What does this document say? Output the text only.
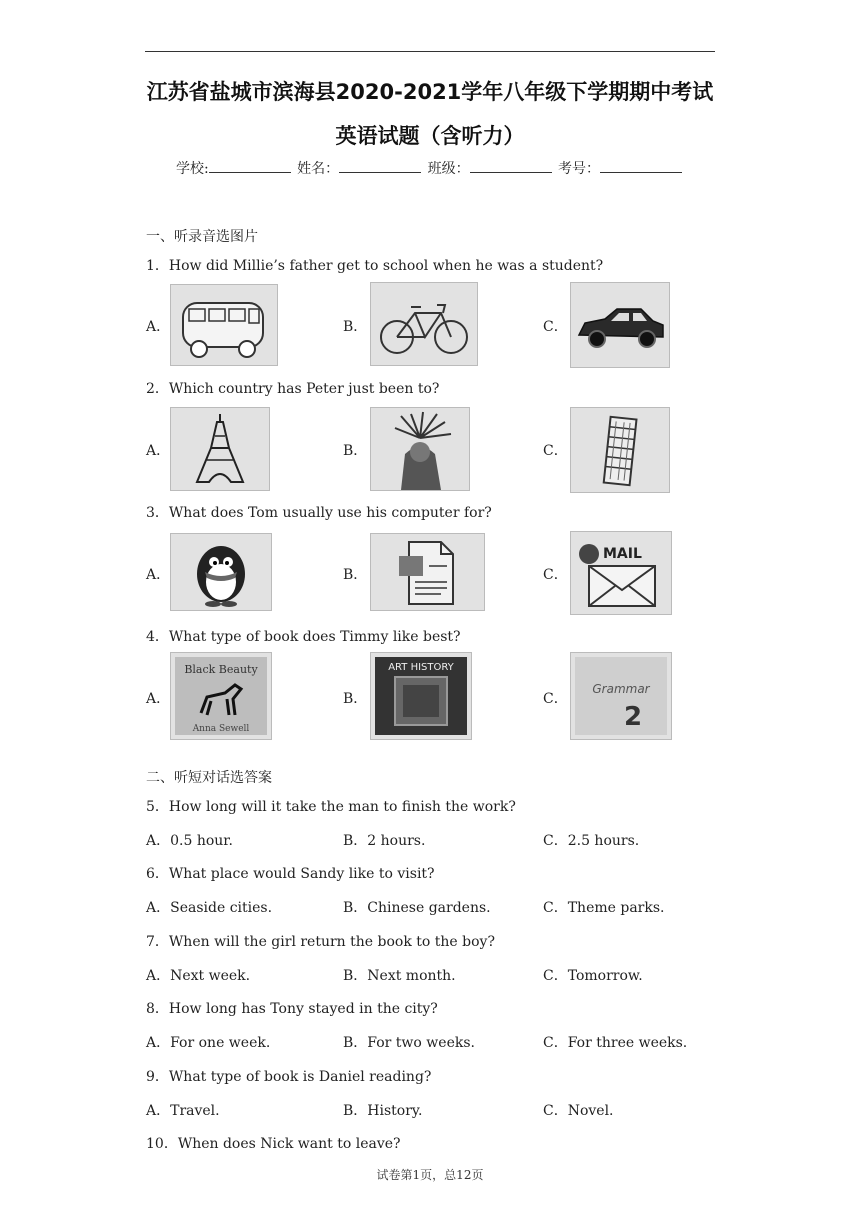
江苏省盐城市滨海县2020-2021学年八年级下学期期中考试
英语试题（含听力）
学校:	姓名：	班级：	考号：
一、听录音选图片
1．How did Millie’s father get to school when he was a student?
A．	B．	C．
2．Which country has Peter just been to?
A．	B．	C．
3．What does Tom usually use his computer for?
A．	B．	C．
MAIL
4．What type of book does Timmy like best?
A．
Black Beauty
Anna Sewell
B．
ART HISTORY
C．
Grammar
2
二、听短对话选答案
5．How long will it take the man to finish the work?
A．0.5 hour.	B．2 hours.	C．2.5 hours.
6．What place would Sandy like to visit?
A．Seaside cities.	B．Chinese gardens.	C．Theme parks.
7．When will the girl return the book to the boy?
A．Next week.	B．Next month.	C．Tomorrow.
8．How long has Tony stayed in the city?
A．For one week.	B．For two weeks.	C．For three weeks.
9．What type of book is Daniel reading?
A．Travel.	B．History.	C．Novel.
10．When does Nick want to leave?
试卷第1页，总12页
